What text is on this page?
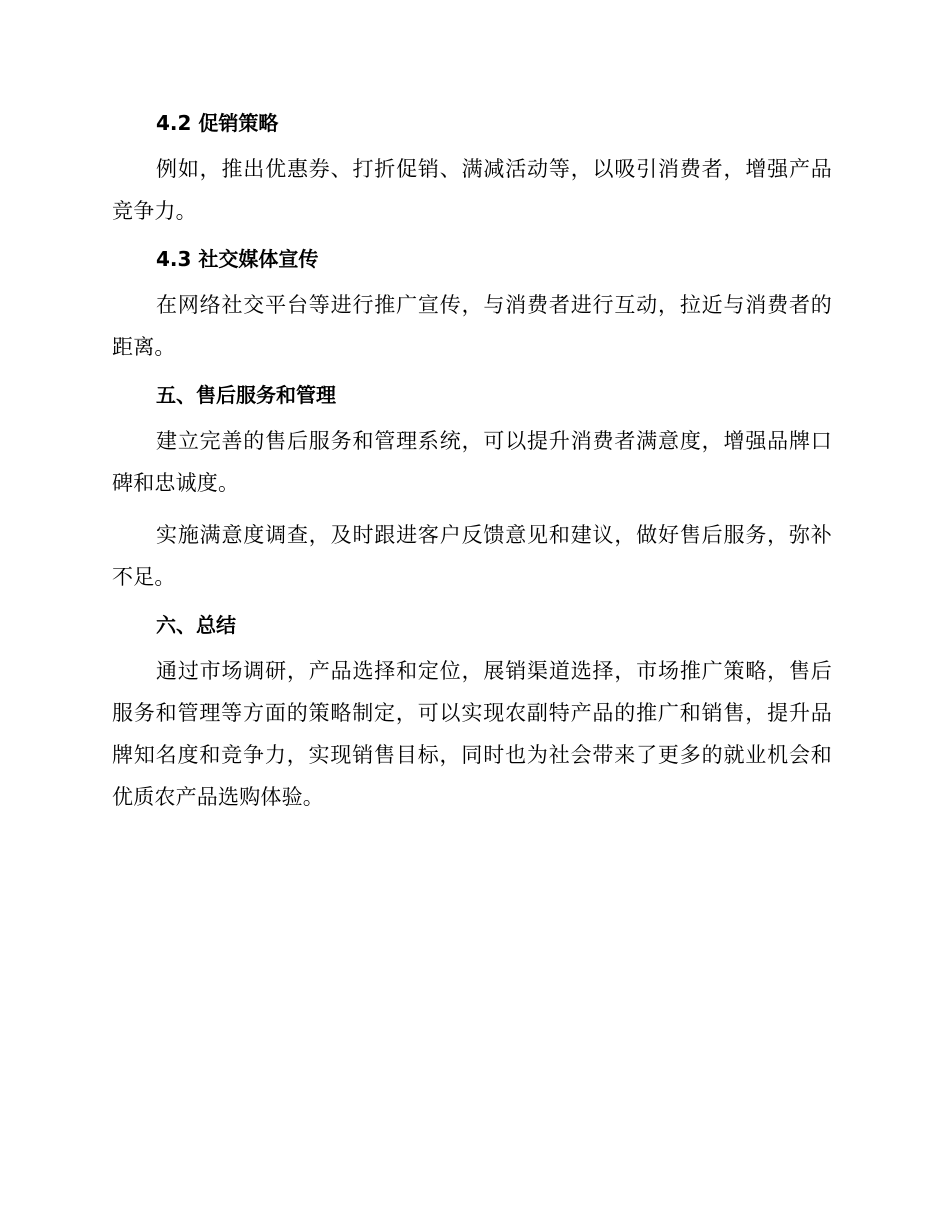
4.2 促销策略

例如，推出优惠券、打折促销、满减活动等，以吸引消费者，增强产品竞争力。

4.3 社交媒体宣传

在网络社交平台等进行推广宣传，与消费者进行互动，拉近与消费者的距离。

五、售后服务和管理

建立完善的售后服务和管理系统，可以提升消费者满意度，增强品牌口碑和忠诚度。

实施满意度调查，及时跟进客户反馈意见和建议，做好售后服务，弥补不足。

六、总结

通过市场调研，产品选择和定位，展销渠道选择，市场推广策略，售后服务和管理等方面的策略制定，可以实现农副特产品的推广和销售，提升品牌知名度和竞争力，实现销售目标，同时也为社会带来了更多的就业机会和优质农产品选购体验。
